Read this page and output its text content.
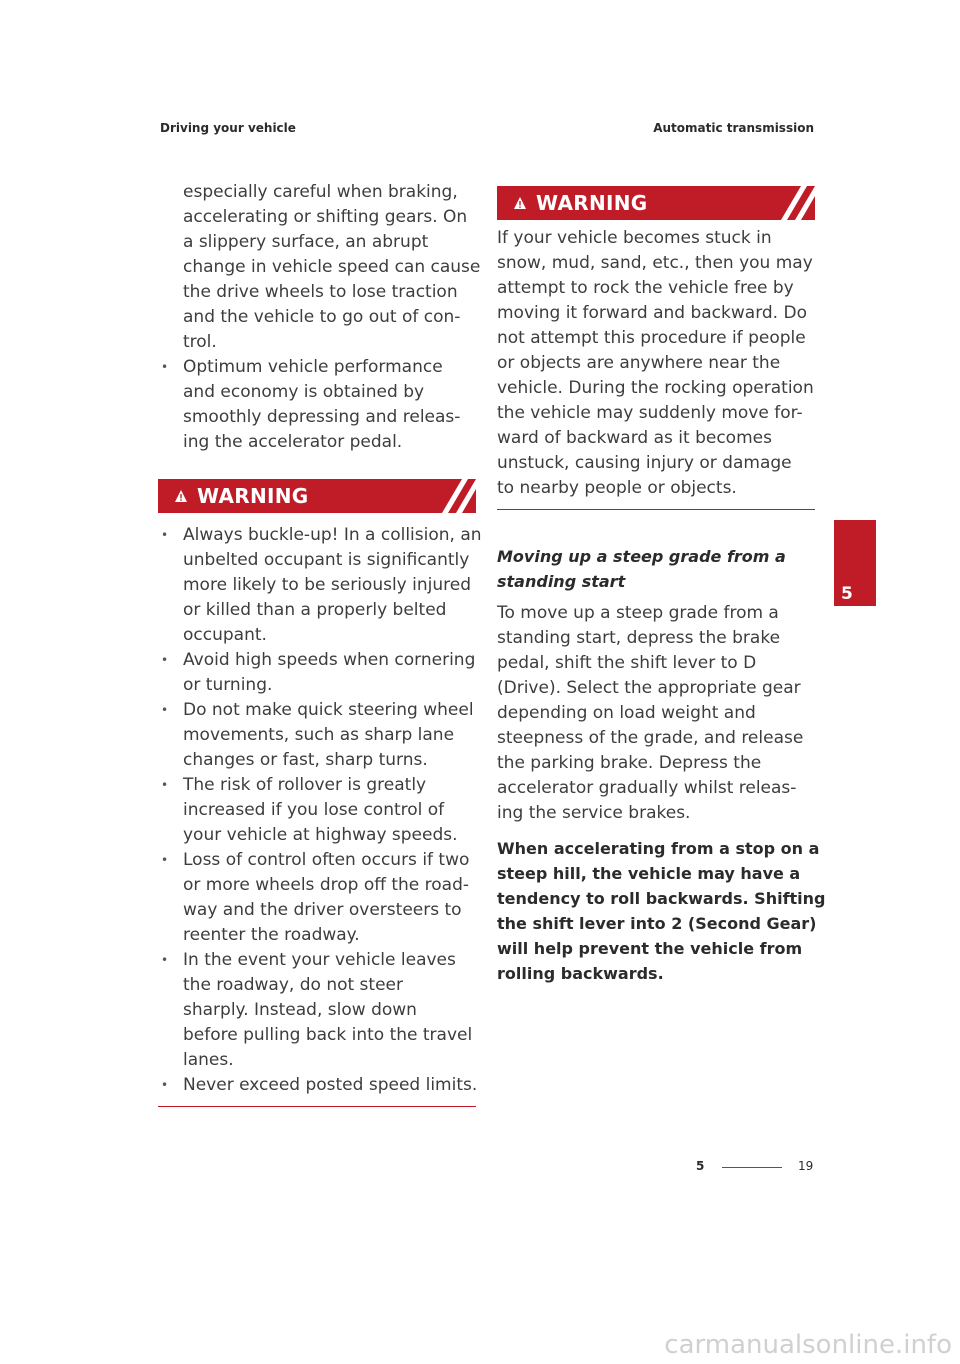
Driving your vehicle	Automatic transmission
especially careful when braking,
accelerating or shifting gears. On
a slippery surface, an abrupt
change in vehicle speed can cause
the drive wheels to lose traction
and the vehicle to go out of con-
trol.
• Optimum vehicle performance
and economy is obtained by
smoothly depressing and releas-
ing the accelerator pedal.
WARNING
• Always buckle-up! In a collision, an
unbelted occupant is significantly
more likely to be seriously injured
or killed than a properly belted
occupant.
• Avoid high speeds when cornering
or turning.
• Do not make quick steering wheel
movements, such as sharp lane
changes or fast, sharp turns.
• The risk of rollover is greatly
increased if you lose control of
your vehicle at highway speeds.
• Loss of control often occurs if two
or more wheels drop off the road-
way and the driver oversteers to
reenter the roadway.
• In the event your vehicle leaves
the roadway, do not steer
sharply. Instead, slow down
before pulling back into the travel
lanes.
• Never exceed posted speed limits.
WARNING
If your vehicle becomes stuck in
snow, mud, sand, etc., then you may
attempt to rock the vehicle free by
moving it forward and backward. Do
not attempt this procedure if people
or objects are anywhere near the
vehicle. During the rocking operation
the vehicle may suddenly move for-
ward of backward as it becomes
unstuck, causing injury or damage
to nearby people or objects.
Moving up a steep grade from a
standing start
To move up a steep grade from a
standing start, depress the brake
pedal, shift the shift lever to D
(Drive). Select the appropriate gear
depending on load weight and
steepness of the grade, and release
the parking brake. Depress the
accelerator gradually whilst releas-
ing the service brakes.
When accelerating from a stop on a
steep hill, the vehicle may have a
tendency to roll backwards. Shifting
the shift lever into 2 (Second Gear)
will help prevent the vehicle from
rolling backwards.
5
5	19
carmanualsonline.info
